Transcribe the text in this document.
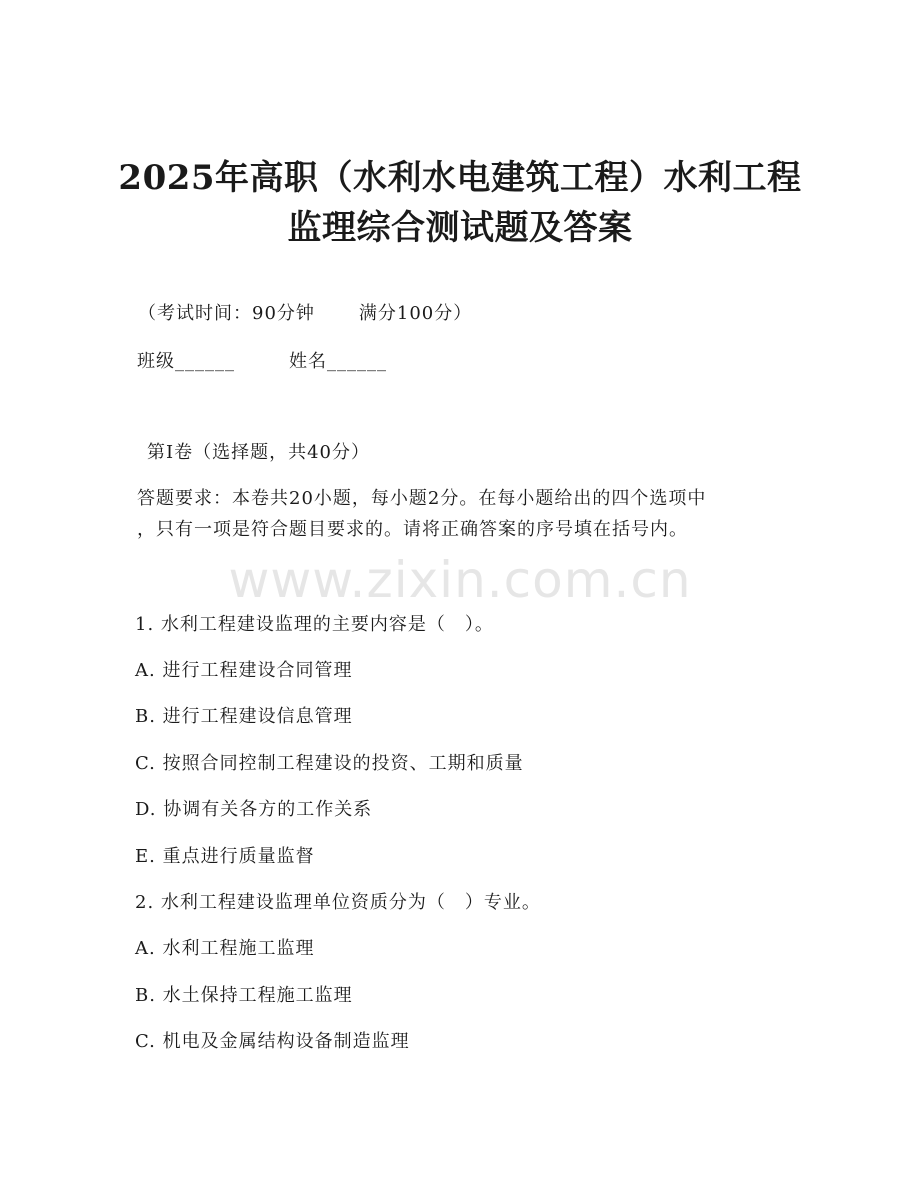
2025年高职（水利水电建筑工程）水利工程
监理综合测试题及答案
（考试时间：90分钟 满分100分）
班级______	姓名______
第Ⅰ卷（选择题，共40分）
答题要求：本卷共20小题，每小题2分。在每小题给出的四个选项中
，只有一项是符合题目要求的。请将正确答案的序号填在括号内。
www.zixin.com.cn
1. 水利工程建设监理的主要内容是（　）。
A. 进行工程建设合同管理
B. 进行工程建设信息管理
C. 按照合同控制工程建设的投资、工期和质量
D. 协调有关各方的工作关系
E. 重点进行质量监督
2. 水利工程建设监理单位资质分为（　）专业。
A. 水利工程施工监理
B. 水土保持工程施工监理
C. 机电及金属结构设备制造监理
